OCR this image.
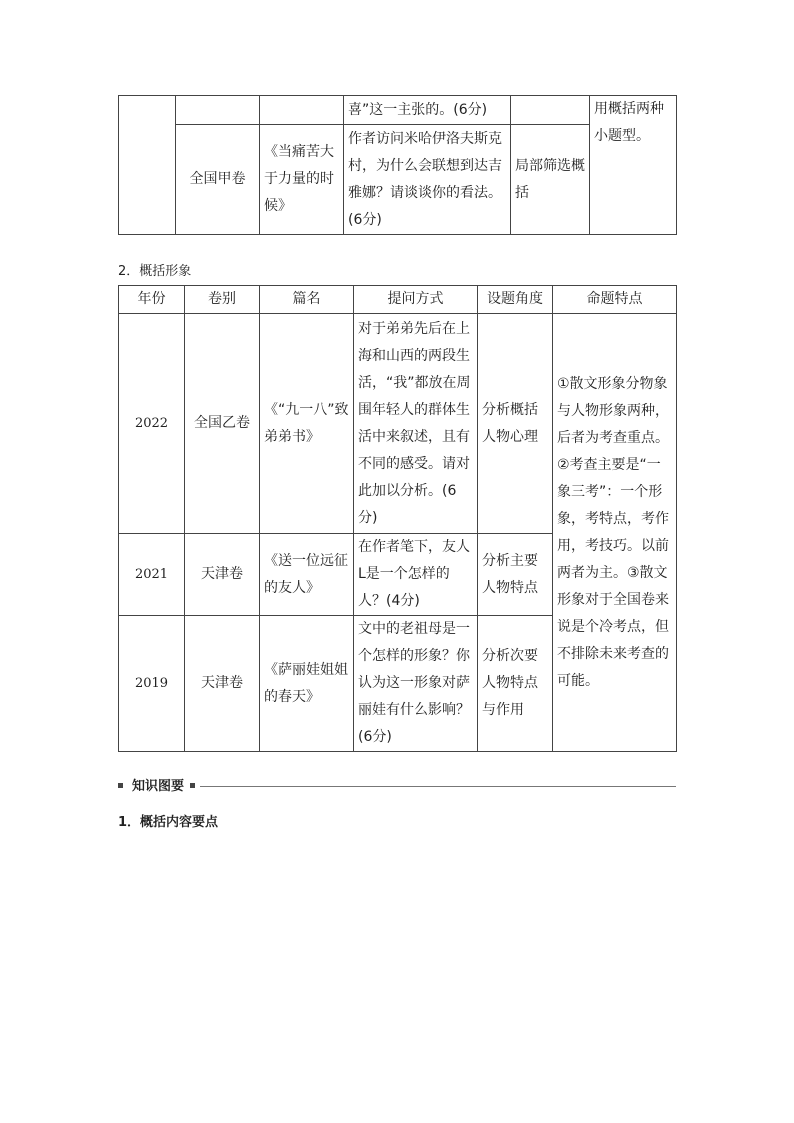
			喜”这一主张的。(6分)		用概括两种小题型。
	全国甲卷	《当痛苦大于力量的时候》	作者访问米哈伊洛夫斯克村，为什么会联想到达吉雅娜？请谈谈你的看法。(6分)	局部筛选概括	
2．概括形象
年份	卷别	篇名	提问方式	设题角度	命题特点
2022	全国乙卷	《“九一八”致弟弟书》	对于弟弟先后在上海和山西的两段生活，“我”都放在周围年轻人的群体生活中来叙述，且有不同的感受。请对此加以分析。(6分)	分析概括人物心理	①散文形象分物象与人物形象两种，后者为考查重点。②考查主要是“一象三考”：一个形象，考特点，考作用，考技巧。以前两者为主。③散文形象对于全国卷来说是个冷考点，但不排除未来考查的可能。
2021	天津卷	《送一位远征的友人》	在作者笔下，友人L是一个怎样的人？(4分)	分析主要人物特点	
2019	天津卷	《萨丽娃姐姐的春天》	文中的老祖母是一个怎样的形象？你认为这一形象对萨丽娃有什么影响？(6分)	分析次要人物特点与作用	
知识图要
1．概括内容要点
